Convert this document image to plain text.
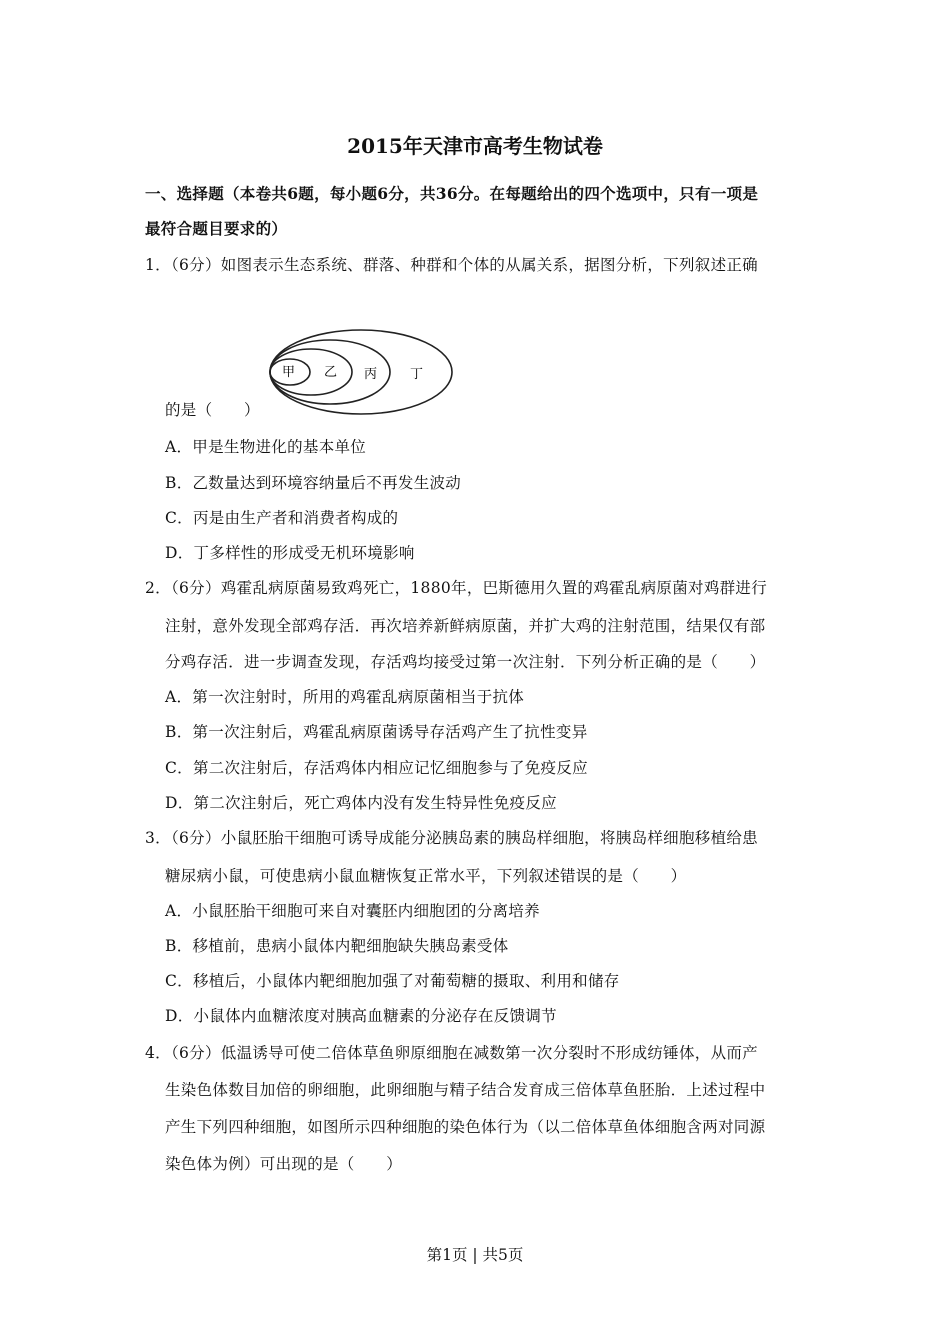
2015年天津市高考生物试卷
一、选择题（本卷共6题，每小题6分，共36分。在每题给出的四个选项中，只有一项是
最符合题目要求的）
1．（6分）如图表示生态系统、群落、种群和个体的从属关系，据图分析，下列叙述正确
甲 乙 丙	丁
的是（　　）
A．甲是生物进化的基本单位
B．乙数量达到环境容纳量后不再发生波动
C．丙是由生产者和消费者构成的
D．丁多样性的形成受无机环境影响
2．（6分）鸡霍乱病原菌易致鸡死亡，1880年，巴斯德用久置的鸡霍乱病原菌对鸡群进行
注射，意外发现全部鸡存活．再次培养新鲜病原菌，并扩大鸡的注射范围，结果仅有部
分鸡存活．进一步调查发现，存活鸡均接受过第一次注射．下列分析正确的是（　　）
A．第一次注射时，所用的鸡霍乱病原菌相当于抗体
B．第一次注射后，鸡霍乱病原菌诱导存活鸡产生了抗性变异
C．第二次注射后，存活鸡体内相应记忆细胞参与了免疫反应
D．第二次注射后，死亡鸡体内没有发生特异性免疫反应
3．（6分）小鼠胚胎干细胞可诱导成能分泌胰岛素的胰岛样细胞，将胰岛样细胞移植给患
糖尿病小鼠，可使患病小鼠血糖恢复正常水平，下列叙述错误的是（　　）
A．小鼠胚胎干细胞可来自对囊胚内细胞团的分离培养
B．移植前，患病小鼠体内靶细胞缺失胰岛素受体
C．移植后，小鼠体内靶细胞加强了对葡萄糖的摄取、利用和储存
D．小鼠体内血糖浓度对胰高血糖素的分泌存在反馈调节
4．（6分）低温诱导可使二倍体草鱼卵原细胞在减数第一次分裂时不形成纺锤体，从而产
生染色体数目加倍的卵细胞，此卵细胞与精子结合发育成三倍体草鱼胚胎．上述过程中
产生下列四种细胞，如图所示四种细胞的染色体行为（以二倍体草鱼体细胞含两对同源
染色体为例）可出现的是（　　）
第1页 | 共5页
